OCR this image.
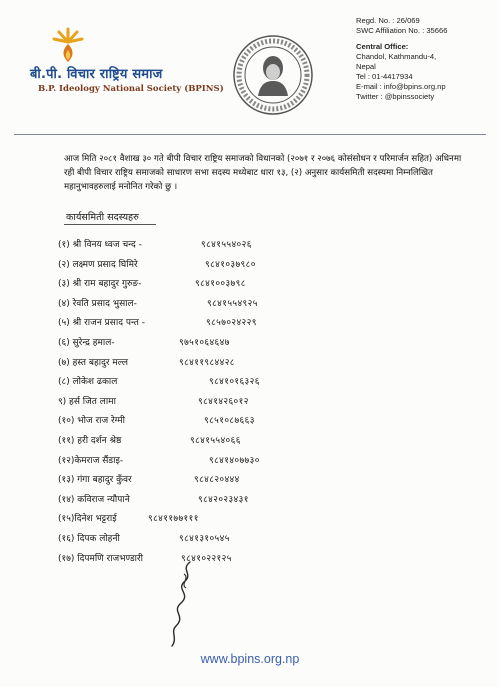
बी.पी. विचार राष्ट्रिय समाज
B.P. Ideology National Society (BPINS)
Regd. No. : 26/069
SWC Affiliation No. : 35666
Central Office:
Chandol, Kathmandu-4,
Nepal
Tel : 01-4417934
E-mail : info@bpins.org.np
Twitter : @bpinssociety
आज मिति २०८१ वैशाख ३० गते बीपी विचार राष्ट्रिय समाजको विधानको (२०७१ र २०७६ कोसंसोधन र परिमार्जन सहित) अधिनमा रही बीपी विचार राष्ट्रिय समाजको साधारण सभा सदस्य मध्येबाट धारा १३, (२) अनुसार कार्यसमिती सदस्यमा निम्नलिखित महानुभावहरुलाई मनोनित गरेको छु ।
कार्यसमिती सदस्यहरु
(१) श्री विनय ध्वज चन्द -	९८४१५५४०२६
(२) लक्ष्मण प्रसाद घिमिरे	९८४१०३७९८०
(३) श्री राम बहादुर गुरुङ-	९८४१००३७९८
(४) रेवति प्रसाद भुसाल-	९८४१५५४९२५
(५) श्री राजन प्रसाद पन्त -	९८५७०२४२२९
(६) सुरेन्द्र हमाल-	९७५१०६४६४७
(७) हस्त बहादुर मल्ल	९८४११९८४४२८
(८) लोकेश ढकाल	९८४१०१६३२६
९) हर्स जित लामा	९८४१४२६०१२
(१०) भोज राज रेग्मी	९८५१०८७६६३
(११) हरी दर्शन श्रेष्ठ	९८४१५५४०६६
(१२)केमराज सैंडाइ-	९८४१४०७७३०
(१३) गंगा बहादुर कुँवर	९८४८२०४४४
(१४) कविराज न्यौपाने	९८४२०२३४३१
(१५)दिनेश भट्टराई	९८४११७७१११
(१६) दिपक लोहनी	९८४१३१०५४५
(१७) दिपमणि राजभण्डारी	९८४१०२२१२५
www.bpins.org.np
